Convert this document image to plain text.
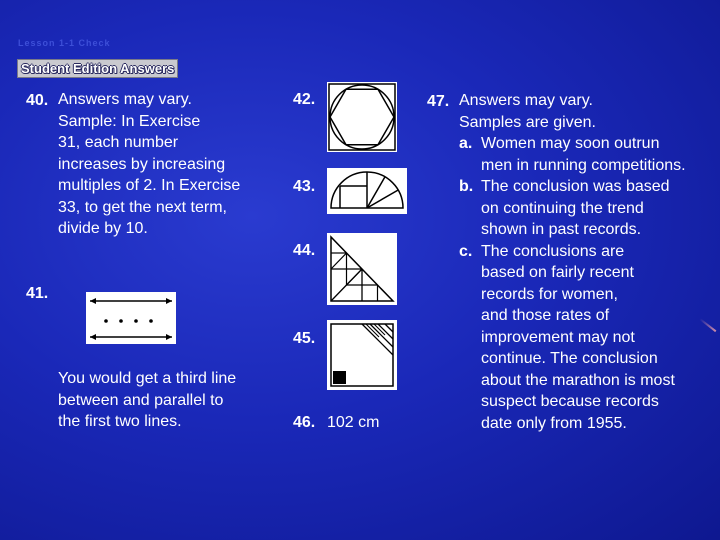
Lesson 1-1 Check
Student Edition Answers
40. Answers may vary.
Sample: In Exercise
31, each number
increases by increasing
multiples of 2. In Exercise
33, to get the next term,
divide by 10.
41.
You would get a third line
between and parallel to
the first two lines.
42.
43.
44.
45.
46. 102 cm
47. Answers may vary.
Samples are given.
a. Women may soon outrun
men in running competitions.
b. The conclusion was based
on continuing the trend
shown in past records.
c. The conclusions are
based on fairly recent
records for women,
and those rates of
improvement may not
continue. The conclusion
about the marathon is most
suspect because records
date only from 1955.
